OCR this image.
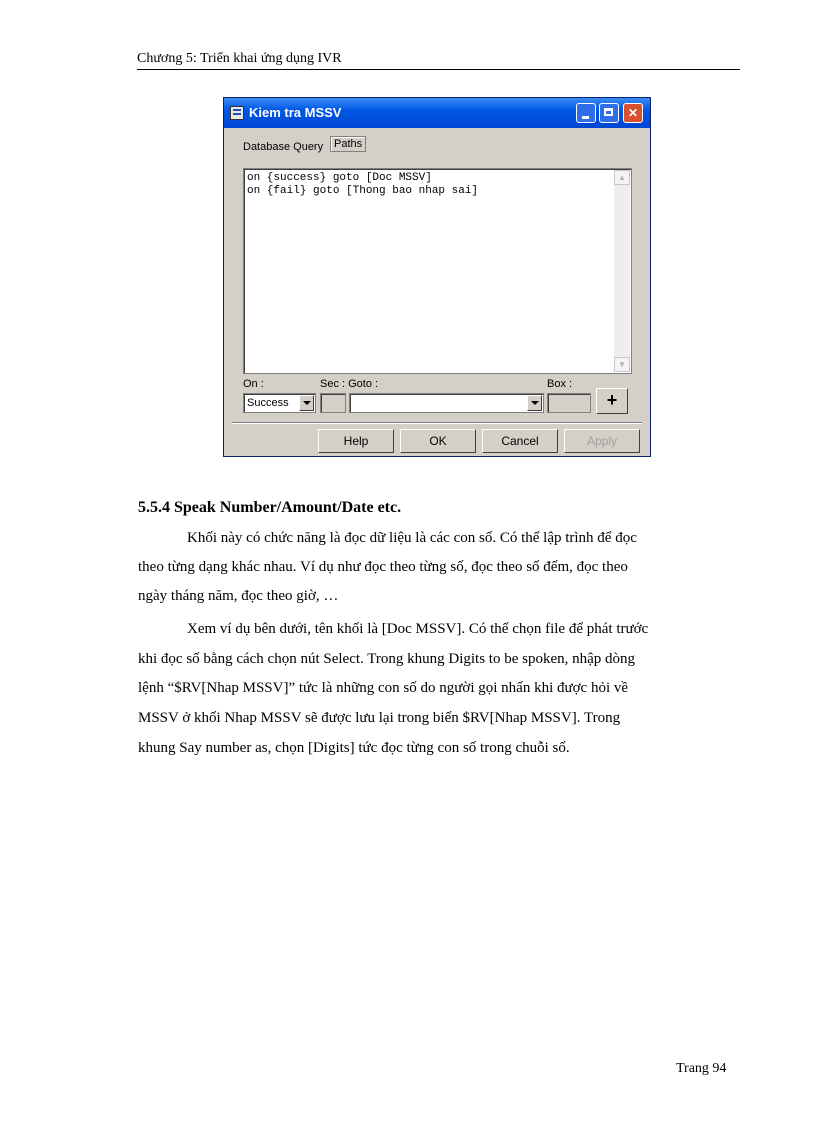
Chương 5: Triển khai ứng dụng IVR
Kiem tra MSSV	✕
Database Query Paths
on {success} goto [Doc MSSV]
on {fail} goto [Thong bao nhap sai]
▲
▼
On :	Sec : Goto :	Box :
Success	+
Help	OK	Cancel	Apply
5.5.4 Speak Number/Amount/Date etc.
Khối này có chức năng là đọc dữ liệu là các con số. Có thể lập trình để đọc
theo từng dạng khác nhau. Ví dụ như đọc theo từng số, đọc theo số đếm, đọc theo
ngày tháng năm, đọc theo giờ, …
Xem ví dụ bên dưới, tên khối là [Doc MSSV]. Có thể chọn file để phát trước
khi đọc số bằng cách chọn nút Select. Trong khung Digits to be spoken, nhập dòng
lệnh “$RV[Nhap MSSV]” tức là những con số do người gọi nhấn khi được hỏi về
MSSV ở khối Nhap MSSV sẽ được lưu lại trong biến $RV[Nhap MSSV]. Trong
khung Say number as, chọn [Digits] tức đọc từng con số trong chuỗi số.
Trang 94
